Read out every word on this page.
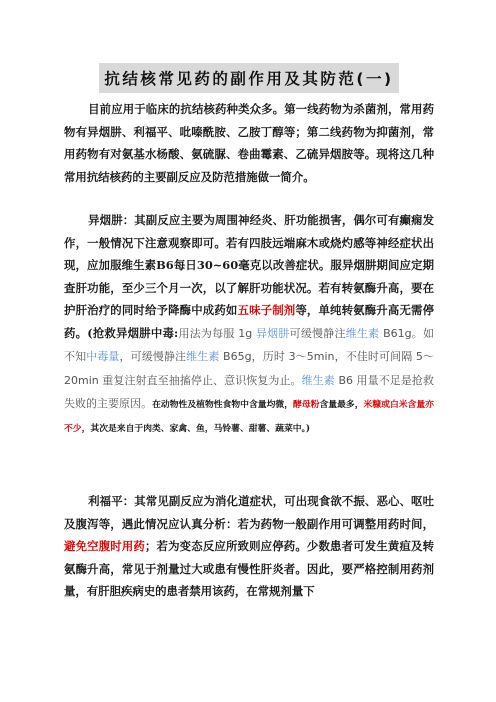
抗结核常见药的副作用及其防范(一)

目前应用于临床的抗结核药种类众多。第一线药物为杀菌剂，常用药物有异烟肼、利福平、吡嗪酰胺、乙胺丁醇等；第二线药物为抑菌剂，常用药物有对氨基水杨酸、氨硫脲、卷曲霉素、乙硫异烟胺等。现将这几种常用抗结核药的主要副反应及防范措施做一简介。

异烟肼：其副反应主要为周围神经炎、肝功能损害，偶尔可有癫痫发作，一般情况下注意观察即可。若有四肢远端麻木或烧灼感等神经症状出现，应加服维生素B6每日30~60毫克以改善症状。服异烟肼期间应定期查肝功能，至少三个月一次，以了解肝功能状况。若有转氨酶升高，要在护肝治疗的同时给予降酶中成药如五味子制剂等，单纯转氨酶升高无需停药。(抢救异烟肼中毒:用法为每服 1g 异烟肼可缓慢静注维生素 B61g。如不知中毒量，可缓慢静注维生素 B65g，历时 3～5min，不佳时可间隔 5～20min 重复注射直至抽搐停止、意识恢复为止。维生素 B6 用量不足是抢救失败的主要原因。在动物性及植物性食物中含量均微，酵母粉含量最多，米糠或白米含量亦不少，其次是来自于肉类、家禽、鱼，马铃薯、甜薯、蔬菜中。)

利福平：其常见副反应为消化道症状，可出现食欲不振、恶心、呕吐及腹泻等，遇此情况应认真分析：若为药物一般副作用可调整用药时间，避免空腹时用药；若为变态反应所致则应停药。少数患者可发生黄疸及转氨酶升高，常见于剂量过大或患有慢性肝炎者。因此，要严格控制用药剂量，有肝胆疾病史的患者禁用该药，在常规剂量下
